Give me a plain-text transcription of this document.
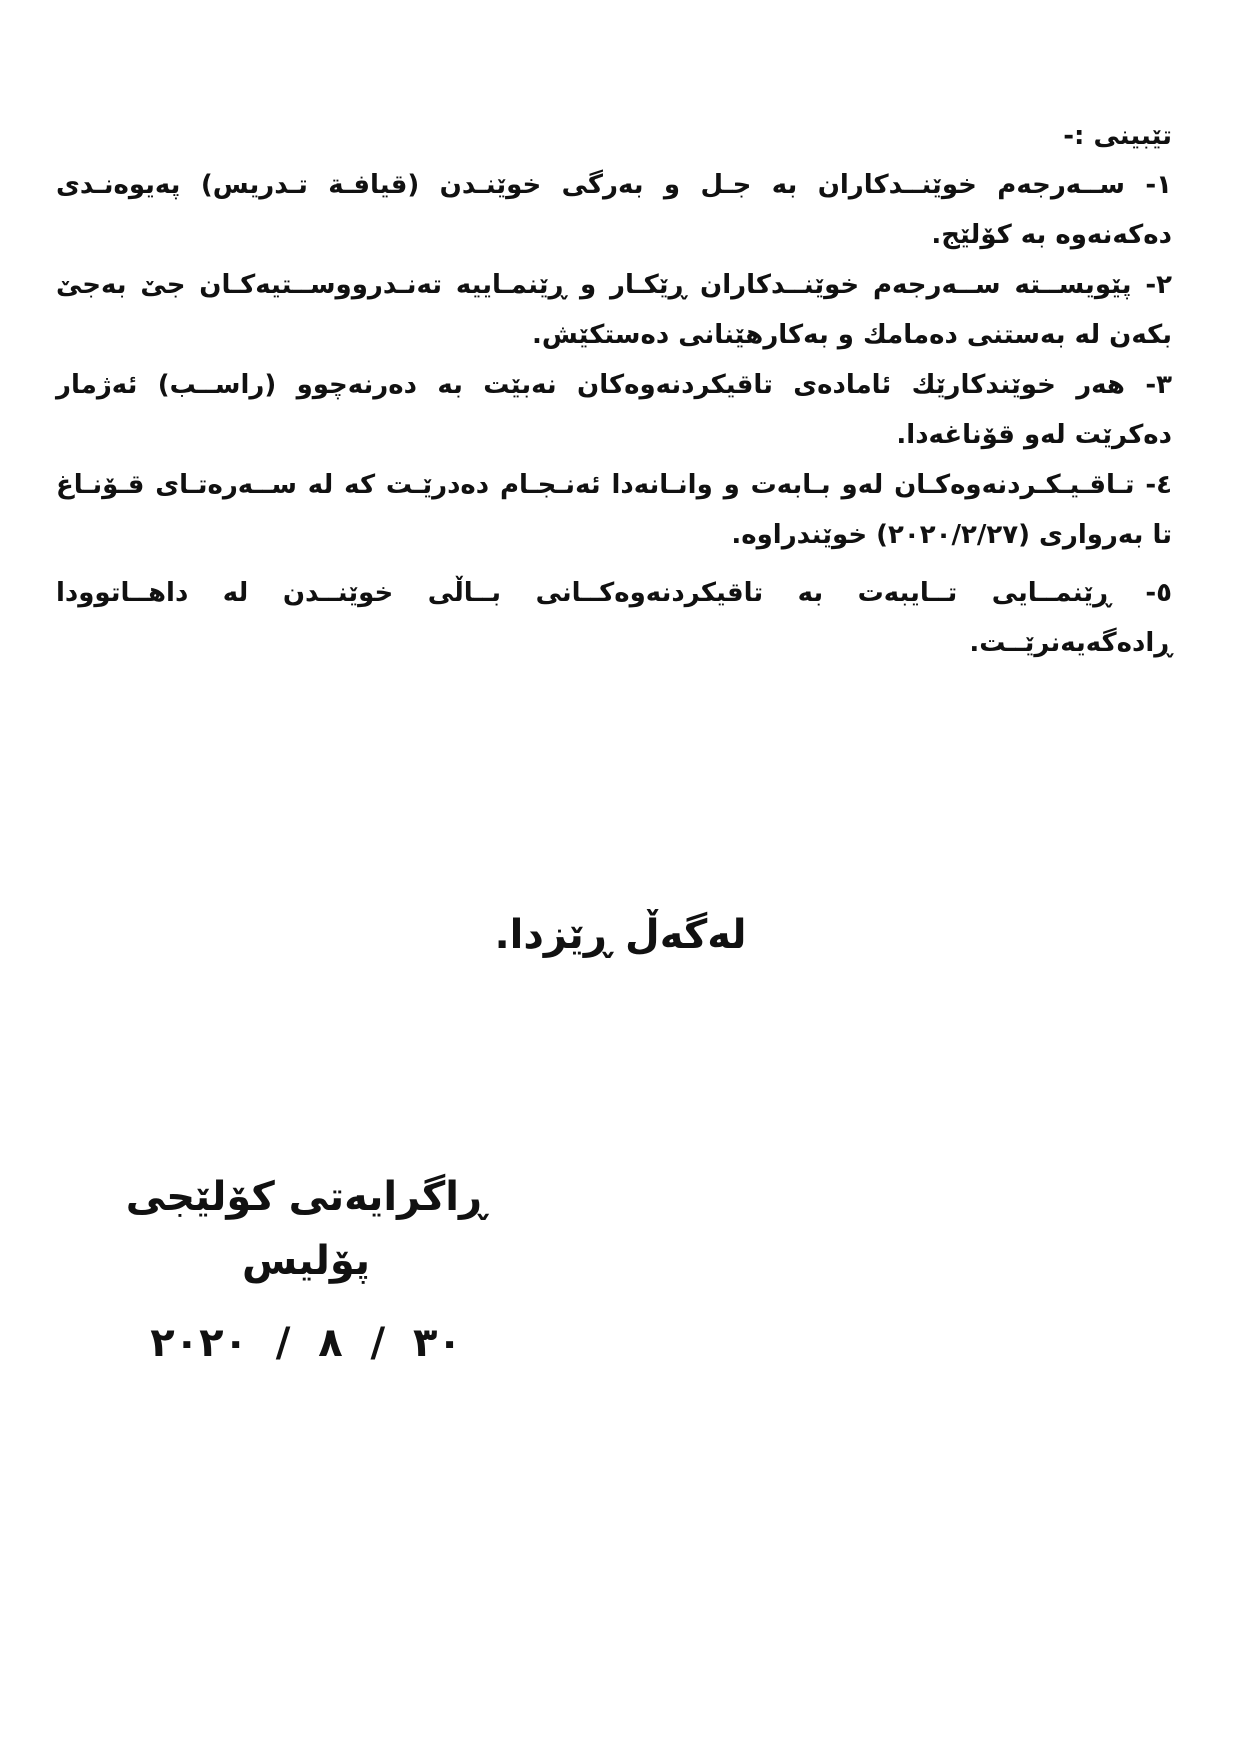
تێبینی :-

١- ســەرجەم خوێنــدکاران بە جـل و بەرگی خوێنـدن (قیافـة تـدریس) پەیوەنـدی دەکەنەوە بە کۆلێج.

٢- پێویســتە ســەرجەم خوێنــدکاران ڕێکـار و ڕێنمـاییە تەنـدرووســتیەکـان جێ بەجێ بکەن لە بەستنی دەمامك و بەکارهێنانی دەستکێش.

٣- هەر خوێندکارێك ئامادەی تاقیکردنەوەکان نەبێت بە دەرنەچوو (راســب) ئەژمار دەکرێت لەو قۆناغەدا.

٤- تـاقـیـکـردنەوەکـان لەو بـابەت و وانـانەدا ئەنـجـام دەدرێـت کە لە ســەرەتـای قـۆنـاغ تا بەرواری (٢٠٢٠/٢/٢٧) خوێندراوە.

٥- ڕێنمــایی تــایبەت بە تاقیکردنەوەکــانی بــاڵی خوێنــدن لە داهــاتوودا ڕادەگەیەنرێــت.

لەگەڵ ڕێزدا.
ڕاگرایەتی کۆلێجی پۆلیس
٣٠  /  ٨  /  ٢٠٢٠
